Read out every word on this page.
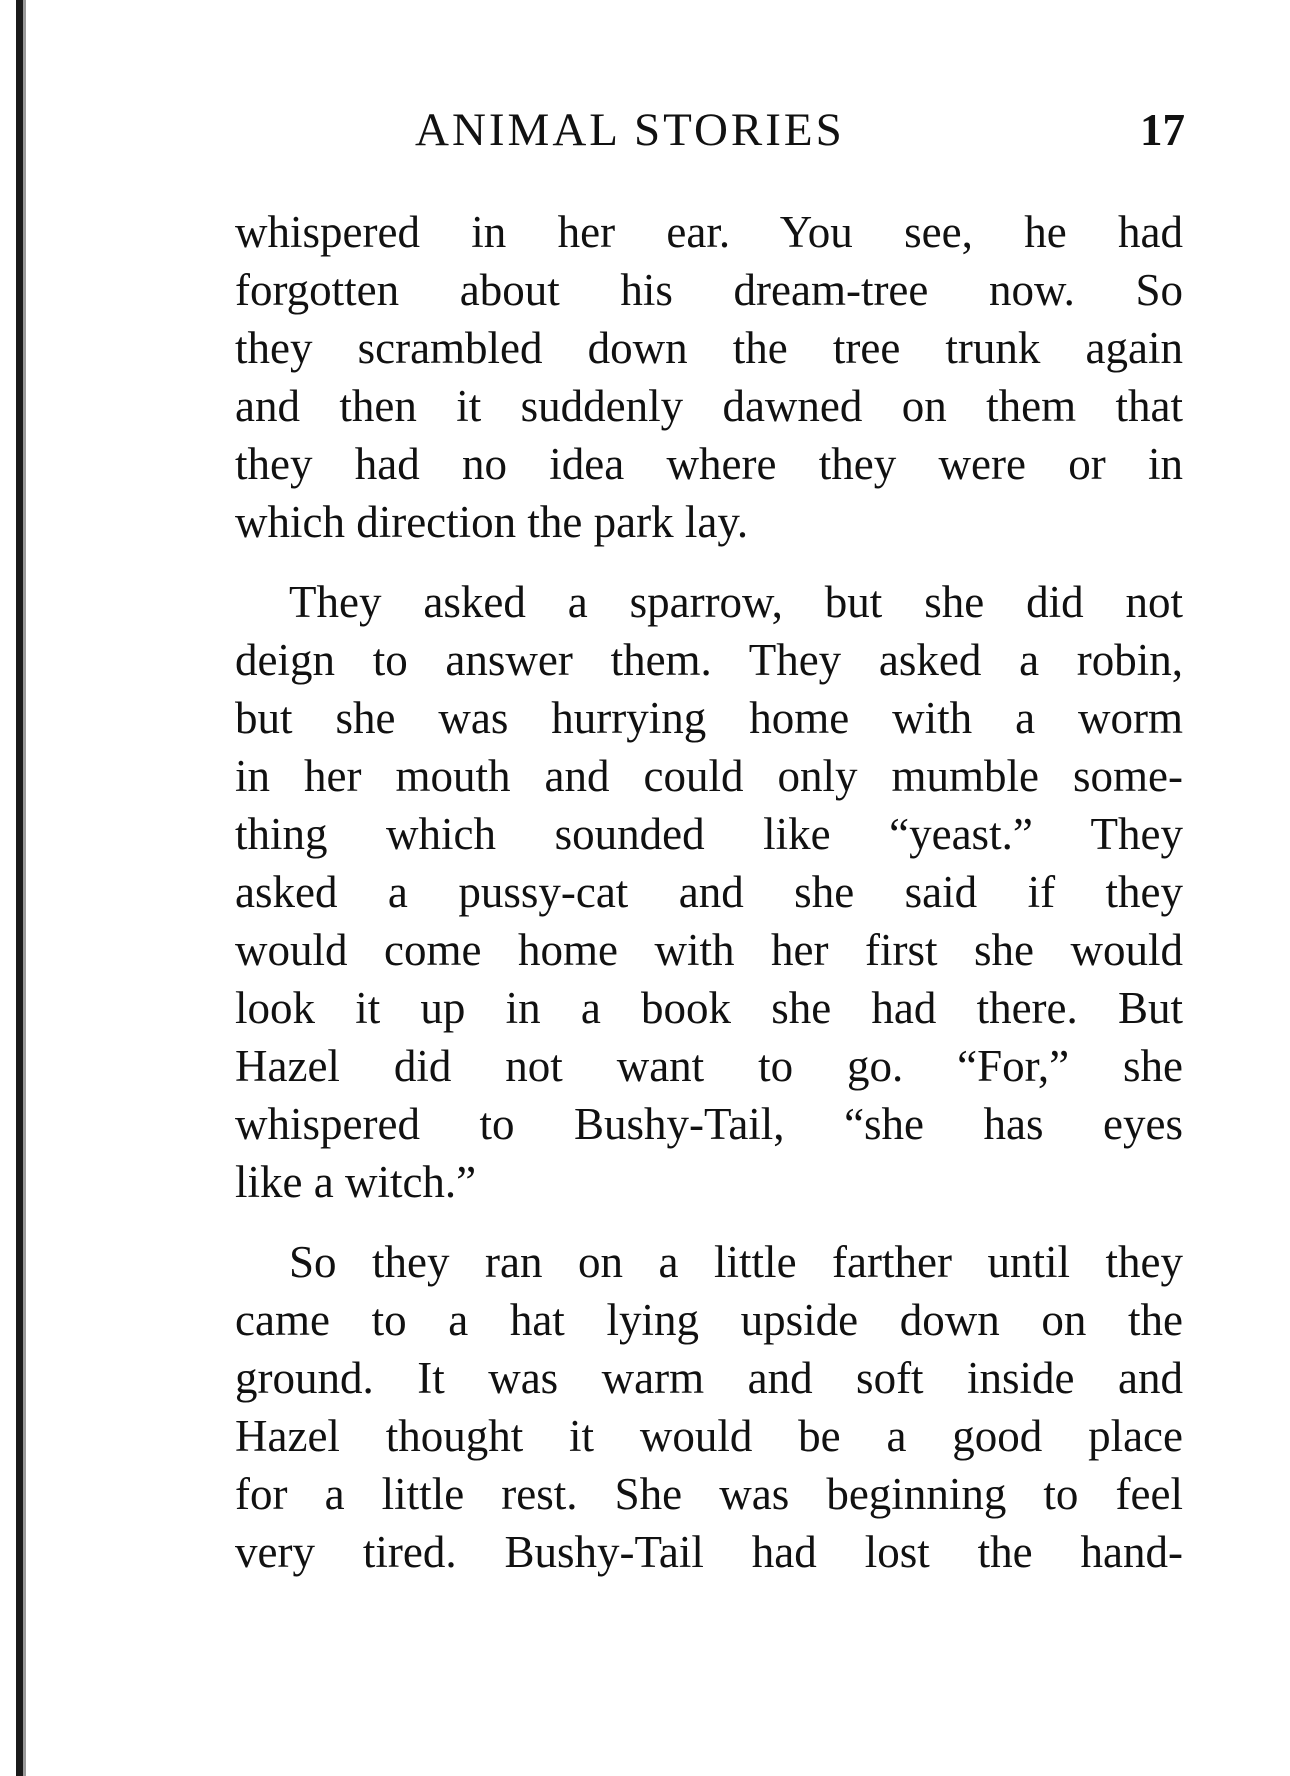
ANIMAL STORIES	17
whispered in her ear. You see, he had
forgotten about his dream-tree now. So
they scrambled down the tree trunk again
and then it suddenly dawned on them that
they had no idea where they were or in
which direction the park lay.
They asked a sparrow, but she did not
deign to answer them. They asked a robin,
but she was hurrying home with a worm
in her mouth and could only mumble some-
thing which sounded like “yeast.” They
asked a pussy-cat and she said if they
would come home with her first she would
look it up in a book she had there. But
Hazel did not want to go. “For,” she
whispered to Bushy-Tail, “she has eyes
like a witch.”
So they ran on a little farther until they
came to a hat lying upside down on the
ground. It was warm and soft inside and
Hazel thought it would be a good place
for a little rest. She was beginning to feel
very tired. Bushy-Tail had lost the hand-
